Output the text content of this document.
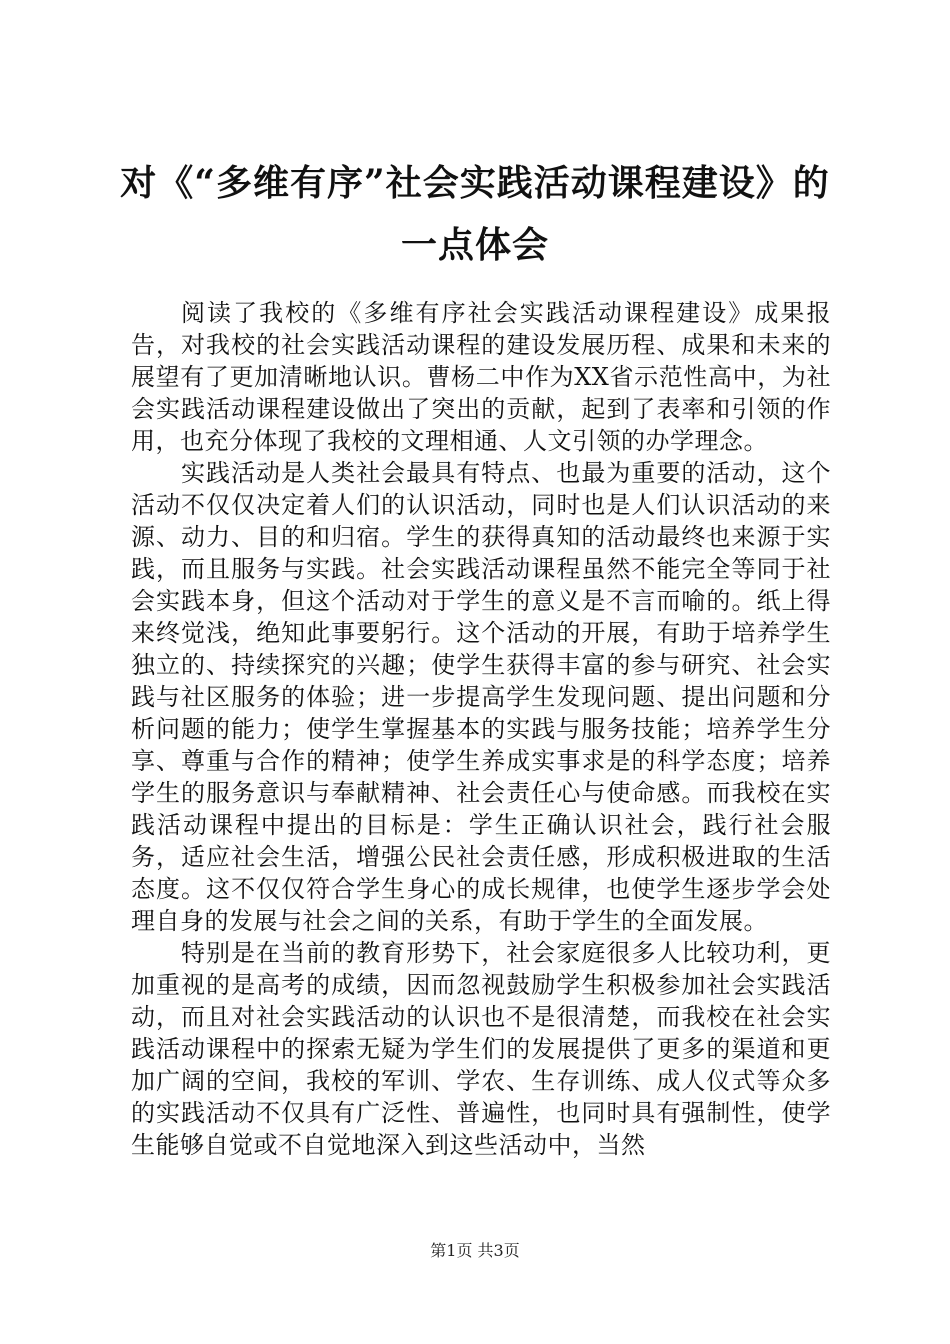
对《“多维有序”社会实践活动课程建设》的
一点体会

阅读了我校的《多维有序社会实践活动课程建设》成果报告，对我校的社会实践活动课程的建设发展历程、成果和未来的展望有了更加清晰地认识。曹杨二中作为XX省示范性高中，为社会实践活动课程建设做出了突出的贡献，起到了表率和引领的作用，也充分体现了我校的文理相通、人文引领的办学理念。

实践活动是人类社会最具有特点、也最为重要的活动，这个活动不仅仅决定着人们的认识活动，同时也是人们认识活动的来源、动力、目的和归宿。学生的获得真知的活动最终也来源于实践，而且服务与实践。社会实践活动课程虽然不能完全等同于社会实践本身，但这个活动对于学生的意义是不言而喻的。纸上得来终觉浅，绝知此事要躬行。这个活动的开展，有助于培养学生独立的、持续探究的兴趣；使学生获得丰富的参与研究、社会实践与社区服务的体验；进一步提高学生发现问题、提出问题和分析问题的能力；使学生掌握基本的实践与服务技能；培养学生分享、尊重与合作的精神；使学生养成实事求是的科学态度；培养学生的服务意识与奉献精神、社会责任心与使命感。而我校在实践活动课程中提出的目标是：学生正确认识社会，践行社会服务，适应社会生活，增强公民社会责任感，形成积极进取的生活态度。这不仅仅符合学生身心的成长规律，也使学生逐步学会处理自身的发展与社会之间的关系，有助于学生的全面发展。

特别是在当前的教育形势下，社会家庭很多人比较功利，更加重视的是高考的成绩，因而忽视鼓励学生积极参加社会实践活动，而且对社会实践活动的认识也不是很清楚，而我校在社会实践活动课程中的探索无疑为学生们的发展提供了更多的渠道和更加广阔的空间，我校的军训、学农、生存训练、成人仪式等众多的实践活动不仅具有广泛性、普遍性，也同时具有强制性，使学生能够自觉或不自觉地深入到这些活动中，当然

第1页 共3页
